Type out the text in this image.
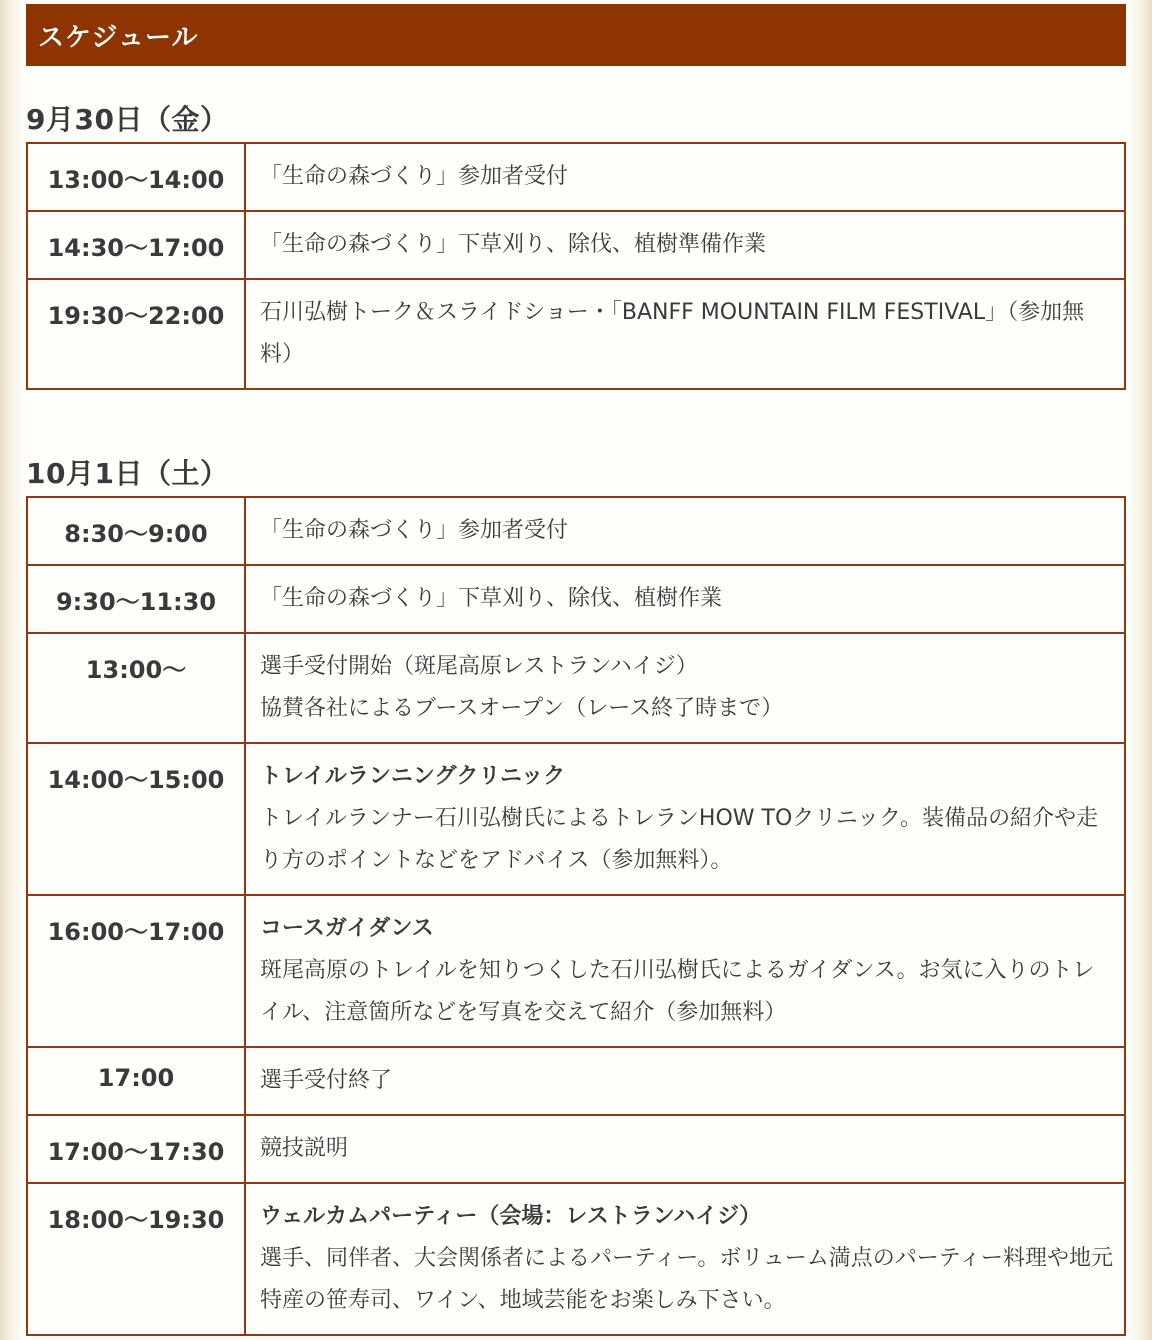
スケジュール
9月30日（金）
13:00〜14:00	「生命の森づくり」参加者受付

14:30〜17:00	「生命の森づくり」下草刈り、除伐、植樹準備作業

19:30〜22:00	石川弘樹トーク＆スライドショー・「BANFF MOUNTAIN FILM FESTIVAL」（参加無料）
10月1日（土）
8:30〜9:00	「生命の森づくり」参加者受付

9:30〜11:30	「生命の森づくり」下草刈り、除伐、植樹作業

13:00〜	選手受付開始（斑尾高原レストランハイジ）
協賛各社によるブースオープン（レース終了時まで）

14:00〜15:00	トレイルランニングクリニック
トレイルランナー石川弘樹氏によるトレランHOW TOクリニック。装備品の紹介や走り方のポイントなどをアドバイス（参加無料）。

16:00〜17:00	コースガイダンス
斑尾高原のトレイルを知りつくした石川弘樹氏によるガイダンス。お気に入りのトレイル、注意箇所などを写真を交えて紹介（参加無料）

17:00	選手受付終了

17:00〜17:30	競技説明

18:00〜19:30	ウェルカムパーティー（会場：レストランハイジ）
選手、同伴者、大会関係者によるパーティー。ボリューム満点のパーティー料理や地元特産の笹寿司、ワイン、地域芸能をお楽しみ下さい。
